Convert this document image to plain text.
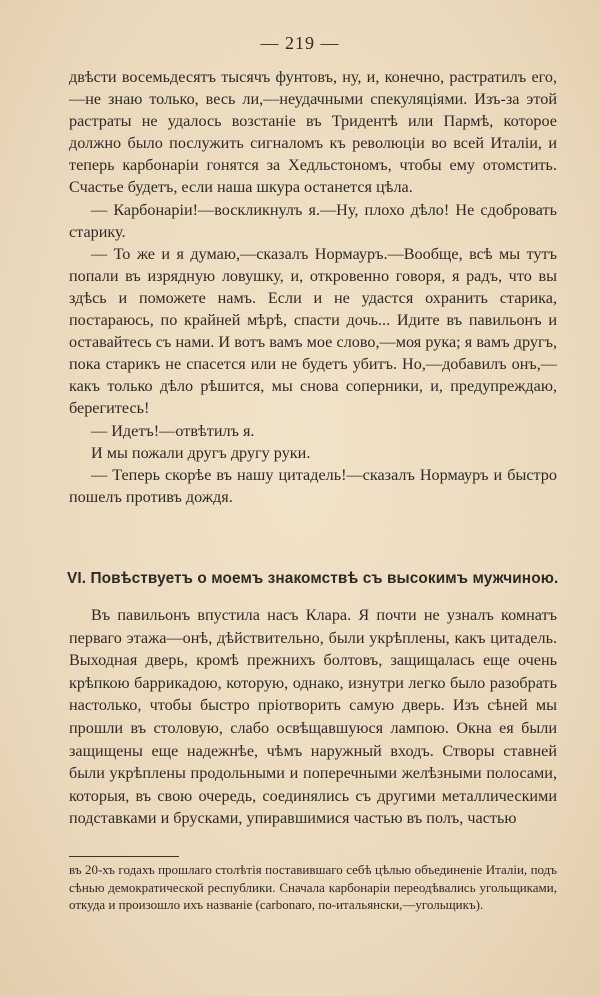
— 219 —

двѣсти восемьдесятъ тысячъ фунтовъ, ну, и, конечно, растратилъ его,—не знаю только, весь ли,—неудачными спекуляціями. Изъ-за этой растраты не удалось возстаніе въ Тридентѣ или Пармѣ, которое должно было послужить сигналомъ къ революціи во всей Италіи, и теперь карбонаріи гонятся за Хедльстономъ, чтобы ему отомстить. Счастье будетъ, если наша шкура останется цѣла.

— Карбонаріи!—воскликнулъ я.—Ну, плохо дѣло! Не сдобровать старику.

— То же и я думаю,—сказалъ Нормауръ.—Вообще, всѣ мы тутъ попали въ изрядную ловушку, и, откровенно говоря, я радъ, что вы здѣсь и поможете намъ. Если и не удастся охранить старика, постараюсь, по крайней мѣрѣ, спасти дочь... Идите въ павильонъ и оставайтесь съ нами. И вотъ вамъ мое слово,—моя рука; я вамъ другъ, пока старикъ не спасется или не будетъ убитъ. Но,—добавилъ онъ,—какъ только дѣло рѣшится, мы снова соперники, и, предупреждаю, берегитесь!

— Идетъ!—отвѣтилъ я.

И мы пожали другъ другу руки.

— Теперь скорѣе въ нашу цитадель!—сказалъ Нормауръ и быстро пошелъ противъ дождя.

VI. Повѣствуетъ о моемъ знакомствѣ съ высокимъ мужчиною.

Въ павильонъ впустила насъ Клара. Я почти не узналъ комнатъ перваго этажа—онѣ, дѣйствительно, были укрѣплены, какъ цитадель. Выходная дверь, кромѣ прежнихъ болтовъ, защищалась еще очень крѣпкою баррикадою, которую, однако, изнутри легко было разобрать настолько, чтобы быстро пріотворить самую дверь. Изъ сѣней мы прошли въ столовую, слабо освѣщавшуюся лампою. Окна ея были защищены еще надежнѣе, чѣмъ наружный входъ. Створы ставней были укрѣплены продольными и поперечными желѣзными полосами, которыя, въ свою очередь, соединялись съ другими металлическими подставками и брусками, упиравшимися частью въ полъ, частью

въ 20-хъ годахъ прошлаго столѣтія поставившаго себѣ цѣлью объединеніе Италіи, подъ сѣнью демократической республики. Сначала карбонаріи переодѣвались угольщиками, откуда и произошло ихъ названіе (carbonaro, по-итальянски,—угольщикъ).
